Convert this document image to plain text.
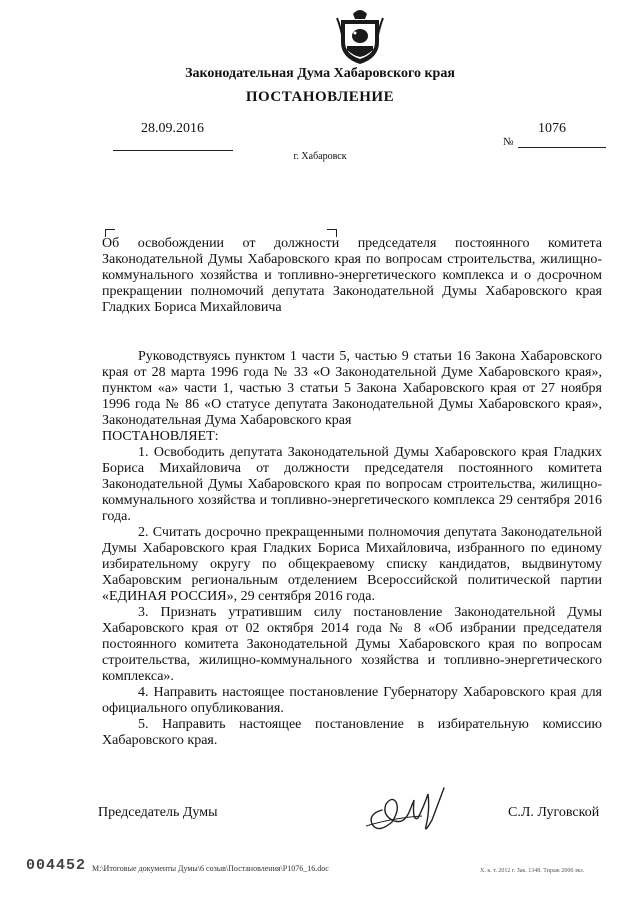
Законодательная Дума Хабаровского края
ПОСТАНОВЛЕНИЕ
28.09.2016	1076
№
г. Хабаровск
Об освобождении от должности председателя постоянного комитета Законодательной Думы Хабаровского края по вопросам строительства, жилищно-коммунального хозяйства и топливно-энергетического комплекса и о досрочном прекращении полномочий депутата Законодательной Думы Хабаровского края Гладких Бориса Михайловича

Руководствуясь пунктом 1 части 5, частью 9 статьи 16 Закона Хабаровского края от 28 марта 1996 года № 33 «О Законодательной Думе Хабаровского края», пунктом «а» части 1, частью 3 статьи 5 Закона Хабаровского края от 27 ноября 1996 года № 86 «О статусе депутата Законодательной Думы Хабаровского края», Законодательная Дума Хабаровского края

ПОСТАНОВЛЯЕТ:

1. Освободить депутата Законодательной Думы Хабаровского края Гладких Бориса Михайловича от должности председателя постоянного комитета Законодательной Думы Хабаровского края по вопросам строительства, жилищно-коммунального хозяйства и топливно-энергетического комплекса 29 сентября 2016 года.

2. Считать досрочно прекращенными полномочия депутата Законодательной Думы Хабаровского края Гладких Бориса Михайловича, избранного по единому избирательному округу по общекраевому списку кандидатов, выдвинутому Хабаровским региональным отделением Всероссийской политической партии «ЕДИНАЯ РОССИЯ», 29 сентября 2016 года.

3. Признать утратившим силу постановление Законодательной Думы Хабаровского края от 02 октября 2014 года № 8 «Об избрании председателя постоянного комитета Законодательной Думы Хабаровского края по вопросам строительства, жилищно-коммунального хозяйства и топливно-энергетического комплекса».

4. Направить настоящее постановление Губернатору Хабаровского края для официального опубликования.

5. Направить настоящее постановление в избирательную комиссию Хабаровского края.

Председатель Думы	С.Л. Луговской
004452 M:\Итоговые документы Думы\6 созыв\Постановления\P1076_16.doc	Х. к. т. 2012 г. Зак. 1348. Тираж 2000 экз.
